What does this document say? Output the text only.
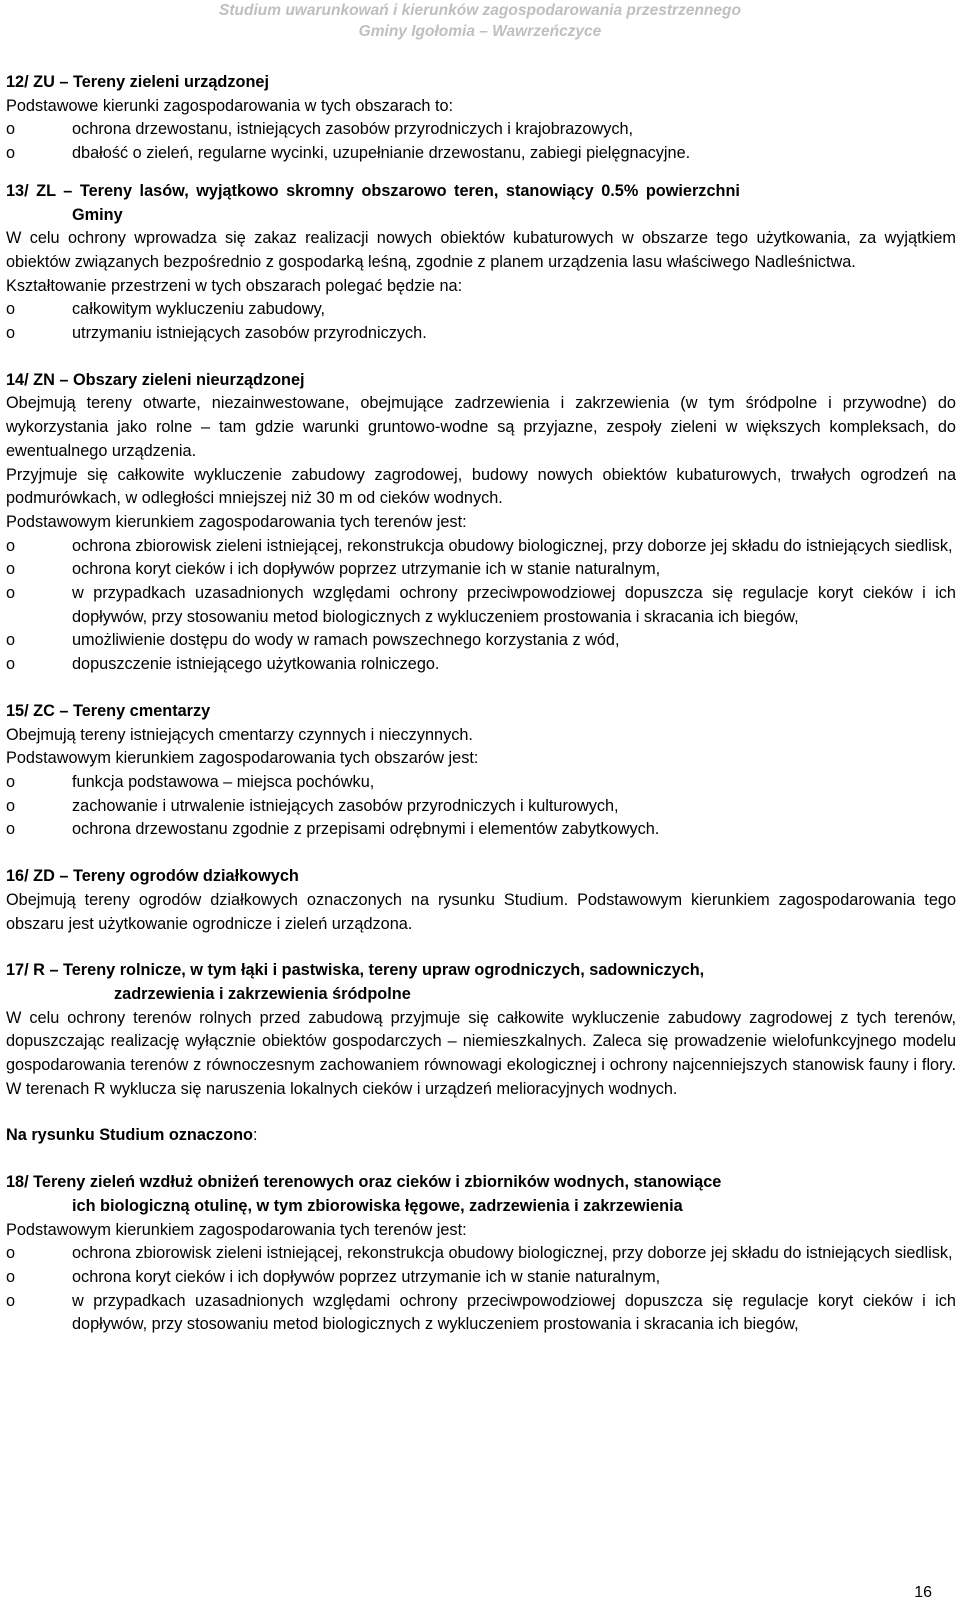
Studium uwarunkowań i kierunków zagospodarowania przestrzennego
Gminy Igołomia – Wawrzeńczyce
12/ ZU – Tereny zieleni urządzonej
Podstawowe kierunki zagospodarowania w tych obszarach to:
o	ochrona drzewostanu, istniejących zasobów przyrodniczych i krajobrazowych,
o	dbałość o zieleń, regularne wycinki, uzupełnianie drzewostanu, zabiegi pielęgnacyjne.
13/ ZL – Tereny lasów, wyjątkowo skromny obszarowo teren, stanowiący 0.5% powierzchni
Gminy
W celu ochrony wprowadza się zakaz realizacji nowych obiektów kubaturowych w obszarze tego użytkowania, za wyjątkiem obiektów związanych bezpośrednio z gospodarką leśną, zgodnie z planem urządzenia lasu właściwego Nadleśnictwa.
Kształtowanie przestrzeni w tych obszarach polegać będzie na:
o	całkowitym wykluczeniu zabudowy,
o	utrzymaniu istniejących zasobów przyrodniczych.
14/ ZN – Obszary zieleni nieurządzonej
Obejmują tereny otwarte, niezainwestowane, obejmujące zadrzewienia i zakrzewienia (w tym śródpolne i przywodne) do wykorzystania jako rolne – tam gdzie warunki gruntowo-wodne są przyjazne, zespoły zieleni w większych kompleksach, do ewentualnego urządzenia.
Przyjmuje się całkowite wykluczenie zabudowy zagrodowej, budowy nowych obiektów kubaturowych, trwałych ogrodzeń na podmurówkach, w odległości mniejszej niż 30 m od cieków wodnych.
Podstawowym kierunkiem zagospodarowania tych terenów jest:
o	ochrona zbiorowisk zieleni istniejącej, rekonstrukcja obudowy biologicznej, przy doborze jej składu do istniejących siedlisk,
o	ochrona koryt cieków i ich dopływów poprzez utrzymanie ich w stanie naturalnym,
o	w przypadkach uzasadnionych względami ochrony przeciwpowodziowej dopuszcza się regulacje koryt cieków i ich dopływów, przy stosowaniu metod biologicznych z wykluczeniem prostowania i skracania ich biegów,
o	umożliwienie dostępu do wody w ramach powszechnego korzystania z wód,
o	dopuszczenie istniejącego użytkowania rolniczego.
15/ ZC – Tereny cmentarzy
Obejmują tereny istniejących cmentarzy czynnych i nieczynnych.
Podstawowym kierunkiem zagospodarowania tych obszarów jest:
o	funkcja podstawowa – miejsca pochówku,
o	zachowanie i utrwalenie istniejących zasobów przyrodniczych i kulturowych,
o	ochrona drzewostanu zgodnie z przepisami odrębnymi i elementów zabytkowych.
16/ ZD – Tereny ogrodów działkowych
Obejmują tereny ogrodów działkowych oznaczonych na rysunku Studium. Podstawowym kierunkiem zagospodarowania tego obszaru jest użytkowanie ogrodnicze i zieleń urządzona.
17/ R – Tereny rolnicze, w tym łąki i pastwiska, tereny upraw ogrodniczych, sadowniczych,
zadrzewienia i zakrzewienia śródpolne
W celu ochrony terenów rolnych przed zabudową przyjmuje się całkowite wykluczenie zabudowy zagrodowej z tych terenów, dopuszczając realizację wyłącznie obiektów gospodarczych – niemieszkalnych. Zaleca się prowadzenie wielofunkcyjnego modelu gospodarowania terenów z równoczesnym zachowaniem równowagi ekologicznej i ochrony najcenniejszych stanowisk fauny i flory. W terenach R wyklucza się naruszenia lokalnych cieków i urządzeń melioracyjnych wodnych.
Na rysunku Studium oznaczono:
18/ Tereny zieleń wzdłuż obniżeń terenowych oraz cieków i zbiorników wodnych, stanowiące
ich biologiczną otulinę, w tym zbiorowiska łęgowe, zadrzewienia i zakrzewienia
Podstawowym kierunkiem zagospodarowania tych terenów jest:
o	ochrona zbiorowisk zieleni istniejącej, rekonstrukcja obudowy biologicznej, przy doborze jej składu do istniejących siedlisk,
o	ochrona koryt cieków i ich dopływów poprzez utrzymanie ich w stanie naturalnym,
o	w przypadkach uzasadnionych względami ochrony przeciwpowodziowej dopuszcza się regulacje koryt cieków i ich dopływów, przy stosowaniu metod biologicznych z wykluczeniem prostowania i skracania ich biegów,
16
